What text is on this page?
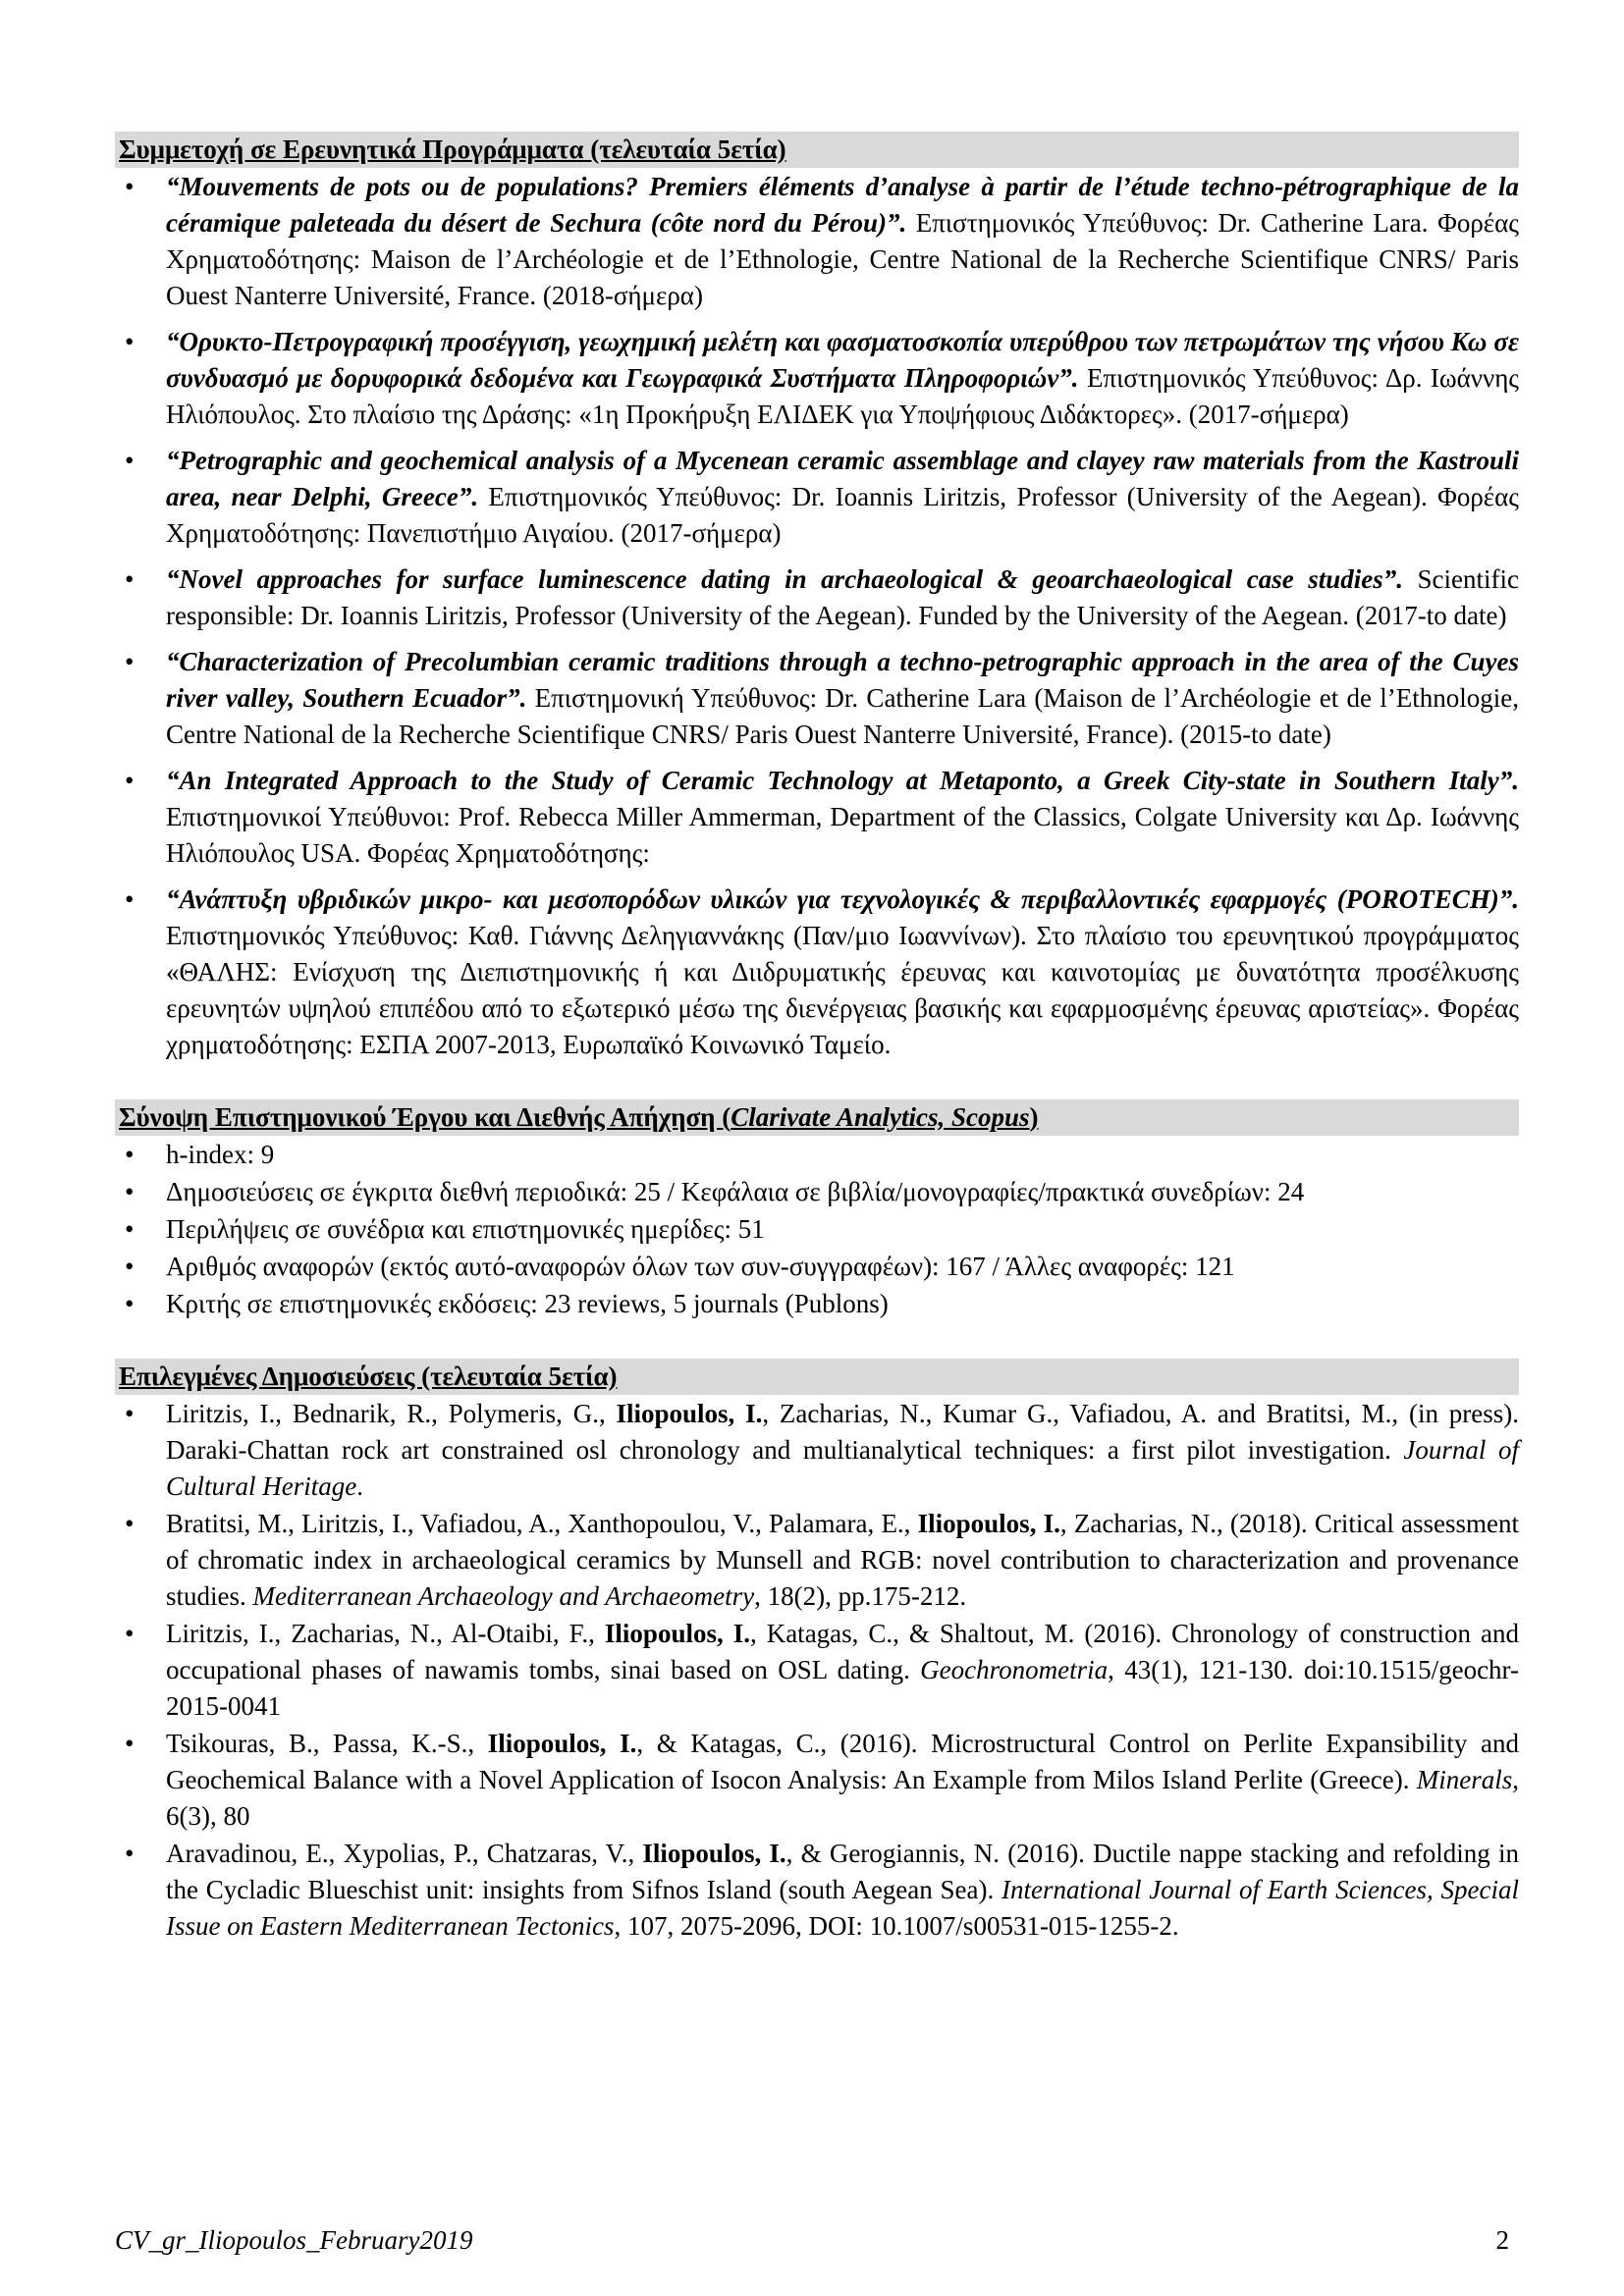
Συμμετοχή σε Ερευνητικά Προγράμματα (τελευταία 5ετία)
• “Mouvements de pots ou de populations? Premiers éléments d’analyse à partir de l’étude techno-pétrographique de la céramique paleteada du désert de Sechura (côte nord du Pérou)”. Επιστημονικός Υπεύθυνος: Dr. Catherine Lara. Φορέας Χρηματοδότησης: Maison de l’Archéologie et de l’Ethnologie, Centre National de la Recherche Scientifique CNRS/ Paris Ouest Nanterre Université, France. (2018-σήμερα)
• “Ορυκτο-Πετρογραφική προσέγγιση, γεωχημική μελέτη και φασματοσκοπία υπερύθρου των πετρωμάτων της νήσου Κω σε συνδυασμό με δορυφορικά δεδομένα και Γεωγραφικά Συστήματα Πληροφοριών”. Επιστημονικός Υπεύθυνος: Δρ. Ιωάννης Ηλιόπουλος. Στο πλαίσιο της Δράσης: «1η Προκήρυξη ΕΛΙΔΕΚ για Υποψήφιους Διδάκτορες». (2017-σήμερα)
• “Petrographic and geochemical analysis of a Mycenean ceramic assemblage and clayey raw materials from the Kastrouli area, near Delphi, Greece”. Επιστημονικός Υπεύθυνος: Dr. Ioannis Liritzis, Professor (University of the Aegean). Φορέας Χρηματοδότησης: Πανεπιστήμιο Αιγαίου. (2017-σήμερα)
• “Novel approaches for surface luminescence dating in archaeological & geoarchaeological case studies”. Scientific responsible: Dr. Ioannis Liritzis, Professor (University of the Aegean). Funded by the University of the Aegean. (2017-to date)
• “Characterization of Precolumbian ceramic traditions through a techno-petrographic approach in the area of the Cuyes river valley, Southern Ecuador”. Επιστημονική Υπεύθυνος: Dr. Catherine Lara (Maison de l’Archéologie et de l’Ethnologie, Centre National de la Recherche Scientifique CNRS/ Paris Ouest Nanterre Université, France). (2015-to date)
• “An Integrated Approach to the Study of Ceramic Technology at Metaponto, a Greek City-state in Southern Italy”. Επιστημονικοί Υπεύθυνοι: Prof. Rebecca Miller Ammerman, Department of the Classics, Colgate University και Δρ. Ιωάννης Ηλιόπουλος USA. Φορέας Χρηματοδότησης:
• “Ανάπτυξη υβριδικών μικρο- και μεσοπορόδων υλικών για τεχνολογικές & περιβαλλοντικές εφαρμογές (POROTECH)”. Επιστημονικός Υπεύθυνος: Καθ. Γιάννης Δεληγιαννάκης (Παν/μιο Ιωαννίνων). Στο πλαίσιο του ερευνητικού προγράμματος «ΘΑΛΗΣ: Ενίσχυση της Διεπιστημονικής ή και Διιδρυματικής έρευνας και καινοτομίας με δυνατότητα προσέλκυσης ερευνητών υψηλού επιπέδου από το εξωτερικό μέσω της διενέργειας βασικής και εφαρμοσμένης έρευνας αριστείας». Φορέας χρηματοδότησης: ΕΣΠΑ 2007-2013, Ευρωπαϊκό Κοινωνικό Ταμείο.
Σύνοψη Επιστημονικού Έργου και Διεθνής Απήχηση (Clarivate Analytics, Scopus)
• h-index: 9
• Δημοσιεύσεις σε έγκριτα διεθνή περιοδικά: 25 / Κεφάλαια σε βιβλία/μονογραφίες/πρακτικά συνεδρίων: 24
• Περιλήψεις σε συνέδρια και επιστημονικές ημερίδες: 51
• Αριθμός αναφορών (εκτός αυτό-αναφορών όλων των συν-συγγραφέων): 167 / Άλλες αναφορές: 121
• Κριτής σε επιστημονικές εκδόσεις: 23 reviews, 5 journals (Publons)
Επιλεγμένες Δημοσιεύσεις (τελευταία 5ετία)
• Liritzis, I., Bednarik, R., Polymeris, G., Iliopoulos, I., Zacharias, N., Kumar G., Vafiadou, A. and Bratitsi, M., (in press). Daraki-Chattan rock art constrained osl chronology and multianalytical techniques: a first pilot investigation. Journal of Cultural Heritage.
• Bratitsi, M., Liritzis, I., Vafiadou, A., Xanthopoulou, V., Palamara, E., Iliopoulos, I., Zacharias, N., (2018). Critical assessment of chromatic index in archaeological ceramics by Munsell and RGB: novel contribution to characterization and provenance studies. Mediterranean Archaeology and Archaeometry, 18(2), pp.175-212.
• Liritzis, I., Zacharias, N., Al-Otaibi, F., Iliopoulos, I., Katagas, C., & Shaltout, M. (2016). Chronology of construction and occupational phases of nawamis tombs, sinai based on OSL dating. Geochronometria, 43(1), 121-130. doi:10.1515/geochr-2015-0041
• Tsikouras, B., Passa, K.-S., Iliopoulos, I., & Katagas, C., (2016). Microstructural Control on Perlite Expansibility and Geochemical Balance with a Novel Application of Isocon Analysis: An Example from Milos Island Perlite (Greece). Minerals, 6(3), 80
• Aravadinou, E., Xypolias, P., Chatzaras, V., Iliopoulos, I., & Gerogiannis, N. (2016). Ductile nappe stacking and refolding in the Cycladic Blueschist unit: insights from Sifnos Island (south Aegean Sea). International Journal of Earth Sciences, Special Issue on Eastern Mediterranean Tectonics, 107, 2075-2096, DOI: 10.1007/s00531-015-1255-2.
CV_gr_Iliopoulos_February2019	2
